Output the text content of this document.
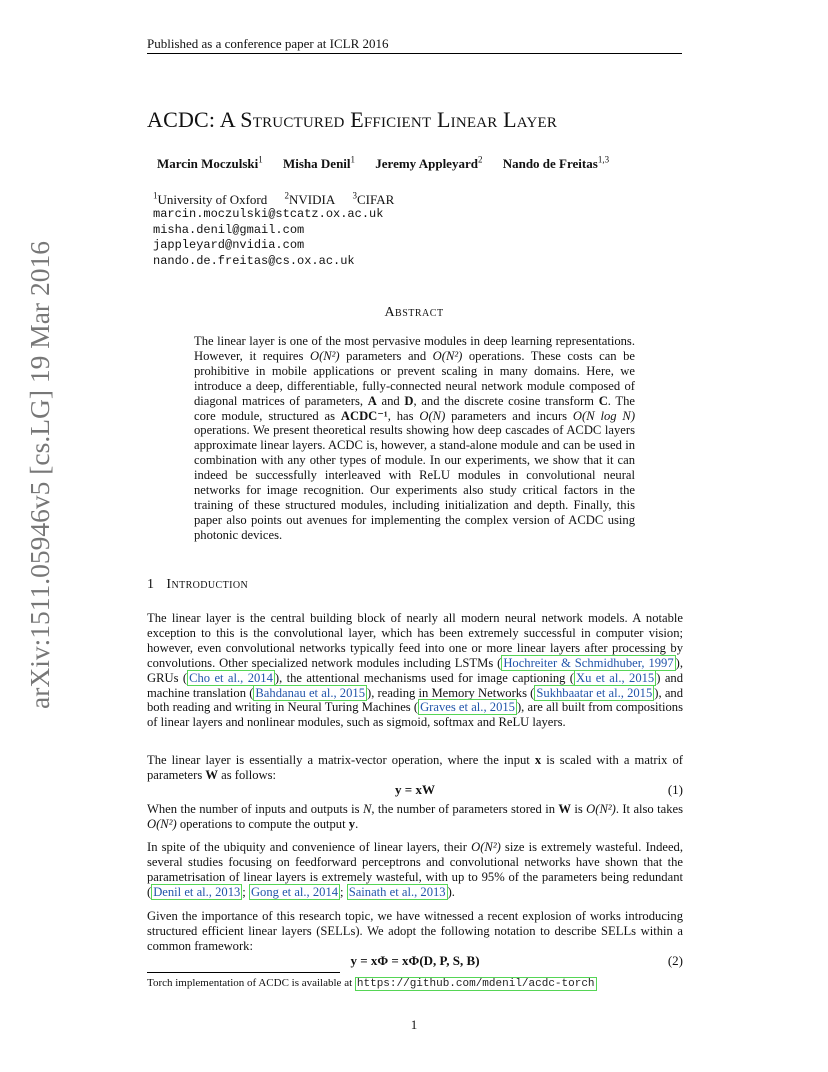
arXiv:1511.05946v5 [cs.LG] 19 Mar 2016
Published as a conference paper at ICLR 2016
ACDC: A Structured Efficient Linear Layer
Marcin Moczulski$^1$ Misha Denil$^1$ Jeremy Appleyard$^2$ Nando de Freitas$^{1,3}$
$^1$University of Oxford $^2$NVIDIA $^3$CIFAR
marcin.moczulski@stcatz.ox.ac.uk
misha.denil@gmail.com
jappleyard@nvidia.com
nando.de.freitas@cs.ox.ac.uk
Abstract
The linear layer is one of the most pervasive modules in deep learning representations. However, it requires O(N²) parameters and O(N²) operations. These costs can be prohibitive in mobile applications or prevent scaling in many domains. Here, we introduce a deep, differentiable, fully-connected neural network module composed of diagonal matrices of parameters, A and D, and the discrete cosine transform C. The core module, structured as ACDC⁻¹, has O(N) parameters and incurs O(N log N) operations. We present theoretical results showing how deep cascades of ACDC layers approximate linear layers. ACDC is, however, a stand-alone module and can be used in combination with any other types of module. In our experiments, we show that it can indeed be successfully interleaved with ReLU modules in convolutional neural networks for image recognition. Our experiments also study critical factors in the training of these structured modules, including initialization and depth. Finally, this paper also points out avenues for implementing the complex version of ACDC using photonic devices.
1 Introduction
The linear layer is the central building block of nearly all modern neural network models. A notable exception to this is the convolutional layer, which has been extremely successful in computer vision; however, even convolutional networks typically feed into one or more linear layers after processing by convolutions. Other specialized network modules including LSTMs ( Hochreiter & Schmidhuber, 1997 ), GRUs ( Cho et al., 2014 ), the attentional mechanisms used for image captioning ( Xu et al., 2015 ) and machine translation ( Bahdanau et al., 2015 ), reading in Memory Networks ( Sukhbaatar et al., 2015 ), and both reading and writing in Neural Turing Machines ( Graves et al., 2015 ), are all built from compositions of linear layers and nonlinear modules, such as sigmoid, softmax and ReLU layers.
The linear layer is essentially a matrix-vector operation, where the input x is scaled with a matrix of parameters W as follows:
y = xW	(1)
When the number of inputs and outputs is N, the number of parameters stored in W is O(N²). It also takes O(N²) operations to compute the output y.
In spite of the ubiquity and convenience of linear layers, their O(N²) size is extremely wasteful. Indeed, several studies focusing on feedforward perceptrons and convolutional networks have shown that the parametrisation of linear layers is extremely wasteful, with up to 95% of the parameters being redundant ( Denil et al., 2013 ; Gong et al., 2014 ; Sainath et al., 2013 ).
Given the importance of this research topic, we have witnessed a recent explosion of works introducing structured efficient linear layers (SELLs). We adopt the following notation to describe SELLs within a common framework:
y = xΦ = xΦ(D, P, S, B)	(2)
Torch implementation of ACDC is available at https://github.com/mdenil/acdc-torch
1
